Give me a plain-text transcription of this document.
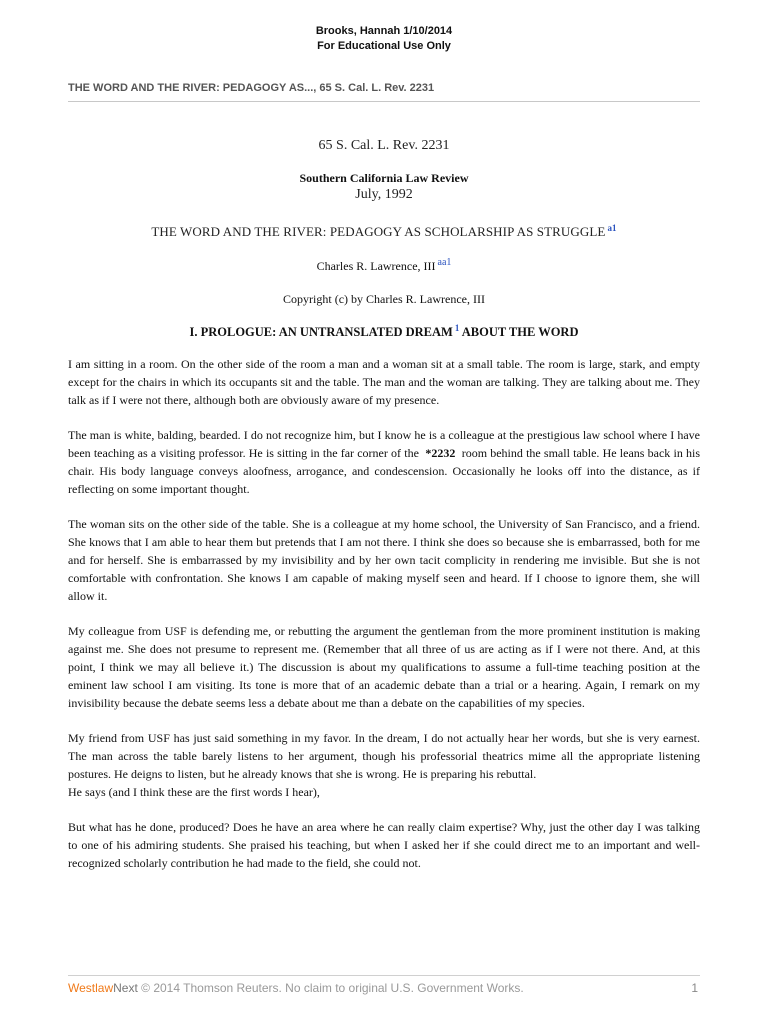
Brooks, Hannah 1/10/2014
For Educational Use Only
THE WORD AND THE RIVER: PEDAGOGY AS..., 65 S. Cal. L. Rev. 2231
65 S. Cal. L. Rev. 2231
Southern California Law Review
July, 1992
THE WORD AND THE RIVER: PEDAGOGY AS SCHOLARSHIP AS STRUGGLE $^{a1}$
Charles R. Lawrence, III $^{aa1}$
Copyright (c) by Charles R. Lawrence, III
I. PROLOGUE: AN UNTRANSLATED DREAM $^1$ ABOUT THE WORD

I am sitting in a room. On the other side of the room a man and a woman sit at a small table. The room is large, stark, and empty except for the chairs in which its occupants sit and the table. The man and the woman are talking. They are talking about me. They talk as if I were not there, although both are obviously aware of my presence.

The man is white, balding, bearded. I do not recognize him, but I know he is a colleague at the prestigious law school where I have been teaching as a visiting professor. He is sitting in the far corner of the *2232 room behind the small table. He leans back in his chair. His body language conveys aloofness, arrogance, and condescension. Occasionally he looks off into the distance, as if reflecting on some important thought.

The woman sits on the other side of the table. She is a colleague at my home school, the University of San Francisco, and a friend. She knows that I am able to hear them but pretends that I am not there. I think she does so because she is embarrassed, both for me and for herself. She is embarrassed by my invisibility and by her own tacit complicity in rendering me invisible. But she is not comfortable with confrontation. She knows I am capable of making myself seen and heard. If I choose to ignore them, she will allow it.

My colleague from USF is defending me, or rebutting the argument the gentleman from the more prominent institution is making against me. She does not presume to represent me. (Remember that all three of us are acting as if I were not there. And, at this point, I think we may all believe it.) The discussion is about my qualifications to assume a full-time teaching position at the eminent law school I am visiting. Its tone is more that of an academic debate than a trial or a hearing. Again, I remark on my invisibility because the debate seems less a debate about me than a debate on the capabilities of my species.

My friend from USF has just said something in my favor. In the dream, I do not actually hear her words, but she is very earnest. The man across the table barely listens to her argument, though his professorial theatrics mime all the appropriate listening postures. He deigns to listen, but he already knows that she is wrong. He is preparing his rebuttal.
He says (and I think these are the first words I hear),

But what has he done, produced? Does he have an area where he can really claim expertise? Why, just the other day I was talking to one of his admiring students. She praised his teaching, but when I asked her if she could direct me to an important and well-recognized scholarly contribution he had made to the field, she could not.

WestlawNext © 2014 Thomson Reuters. No claim to original U.S. Government Works.	1
